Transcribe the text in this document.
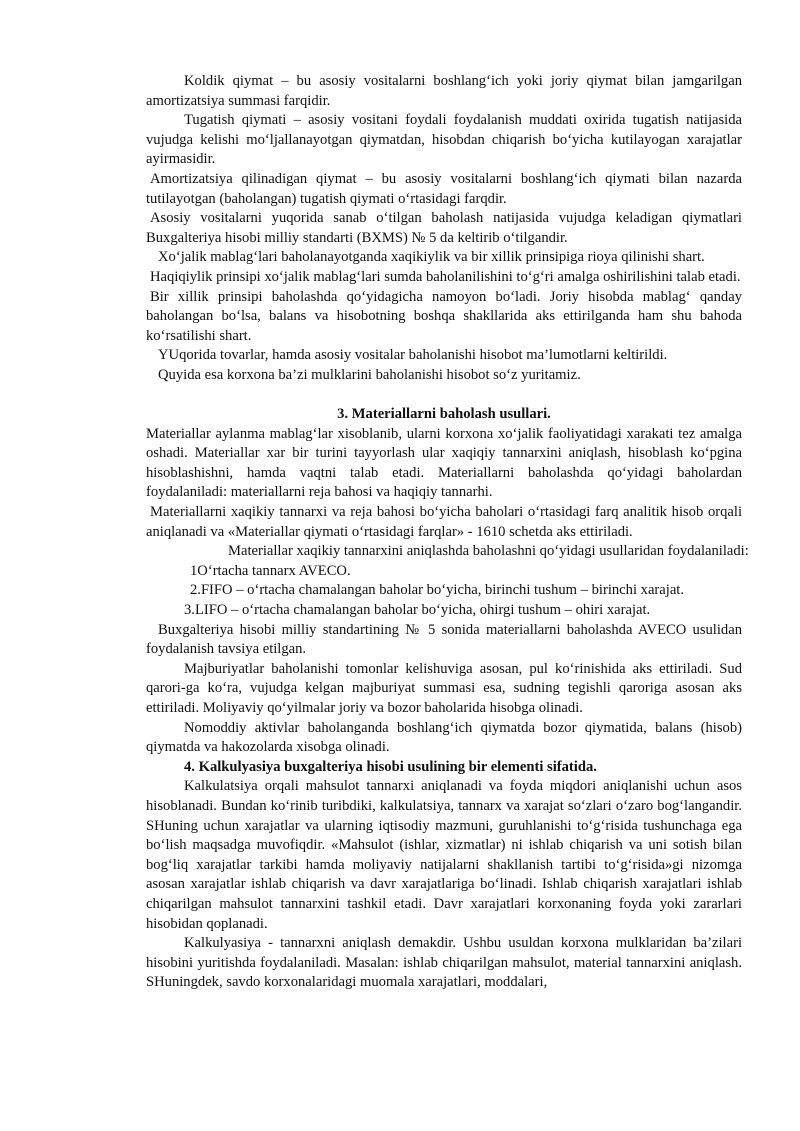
Koldik qiymat – bu asosiy vositalarni boshlang‘ich yoki joriy qiymat bilan jamgarilgan amortizatsiya summasi farqidir.

Tugatish qiymati – asosiy vositani foydali foydalanish muddati oxirida tugatish natijasida vujudga kelishi mo‘ljallanayotgan qiymatdan, hisobdan chiqarish bo‘yicha kutilayogan xarajatlar ayirmasidir.

Amortizatsiya qilinadigan qiymat – bu asosiy vositalarni boshlang‘ich qiymati bilan nazarda tutilayotgan (baholangan) tugatish qiymati o‘rtasidagi farqdir.

Asosiy vositalarni yuqorida sanab o‘tilgan baholash natijasida vujudga keladigan qiymatlari Buxgalteriya hisobi milliy standarti (BXMS) № 5 da keltirib o‘tilgandir.

Xo‘jalik mablag‘lari baholanayotganda xaqikiylik va bir xillik prinsipiga rioya qilinishi shart.

Haqiqiylik prinsipi xo‘jalik mablag‘lari sumda baholanilishini to‘g‘ri amalga oshirilishini talab etadi.

Bir xillik prinsipi baholashda qo‘yidagicha namoyon bo‘ladi. Joriy hisobda mablag‘ qanday baholangan bo‘lsa, balans va hisobotning boshqa shakllarida aks ettirilganda ham shu bahoda ko‘rsatilishi shart.

YUqorida tovarlar, hamda asosiy vositalar baholanishi hisobot ma’lumotlarni keltirildi.

Quyida esa korxona ba’zi mulklarini baholanishi hisobot so‘z yuritamiz.

3. Materiallarni baholash usullari.

Materiallar aylanma mablag‘lar xisoblanib, ularni korxona xo‘jalik faoliyatidagi xarakati tez amalga oshadi. Materiallar xar bir turini tayyorlash ular xaqiqiy tannarxini aniqlash, hisoblash ko‘pgina hisoblashishni, hamda vaqtni talab etadi. Materiallarni baholashda qo‘yidagi baholardan foydalaniladi: materiallarni reja bahosi va haqiqiy tannarhi.

Materiallarni xaqikiy tannarxi va reja bahosi bo‘yicha baholari o‘rtasidagi farq analitik hisob orqali aniqlanadi va «Materiallar qiymati o‘rtasidagi farqlar» - 1610 schetda aks ettiriladi.

Materiallar xaqikiy tannarxini aniqlashda baholashni qo‘yidagi usullaridan foydalaniladi:

1O‘rtacha tannarx AVECO.

2.FIFO – o‘rtacha chamalangan baholar bo‘yicha, birinchi tushum – birinchi xarajat.

3.LIFO – o‘rtacha chamalangan baholar bo‘yicha, ohirgi tushum – ohiri xarajat.

Buxgalteriya hisobi milliy standartining № 5 sonida materiallarni baholashda AVECO usulidan foydalanish tavsiya etilgan.

Majburiyatlar baholanishi tomonlar kelishuviga asosan, pul ko‘rinishida aks ettiriladi. Sud qarori-ga ko‘ra, vujudga kelgan majburiyat summasi esa, sudning tegishli qaroriga asosan aks ettiriladi. Moliyaviy qo‘yilmalar joriy va bozor baholarida hisobga olinadi.

Nomoddiy aktivlar baholanganda boshlang‘ich qiymatda bozor qiymatida, balans (hisob) qiymatda va hakozolarda xisobga olinadi.

4. Kalkulyasiya buxgalteriya hisobi usulining bir elementi sifatida.

Kalkulatsiya orqali mahsulot tannarxi aniqlanadi va foyda miqdori aniqlanishi uchun asos hisoblanadi. Bundan ko‘rinib turibdiki, kalkulatsiya, tannarx va xarajat so‘zlari o‘zaro bog‘langandir. SHuning uchun xarajatlar va ularning iqtisodiy mazmuni, guruhlanishi to‘g‘risida tushunchaga ega bo‘lish maqsadga muvofiqdir. «Mahsulot (ishlar, xizmatlar) ni ishlab chiqarish va uni sotish bilan bog‘liq xarajatlar tarkibi hamda moliyaviy natijalarni shakllanish tartibi to‘g‘risida»gi nizomga asosan xarajatlar ishlab chiqarish va davr xarajatlariga bo‘linadi. Ishlab chiqarish xarajatlari ishlab chiqarilgan mahsulot tannarxini tashkil etadi. Davr xarajatlari korxonaning foyda yoki zararlari hisobidan qoplanadi.

Kalkulyasiya - tannarxni aniqlash demakdir. Ushbu usuldan korxona mulklaridan ba’zilari hisobini yuritishda foydalaniladi. Masalan: ishlab chiqarilgan mahsulot, material tannarxini aniqlash. SHuningdek, savdo korxonalaridagi muomala xarajatlari, moddalari,
